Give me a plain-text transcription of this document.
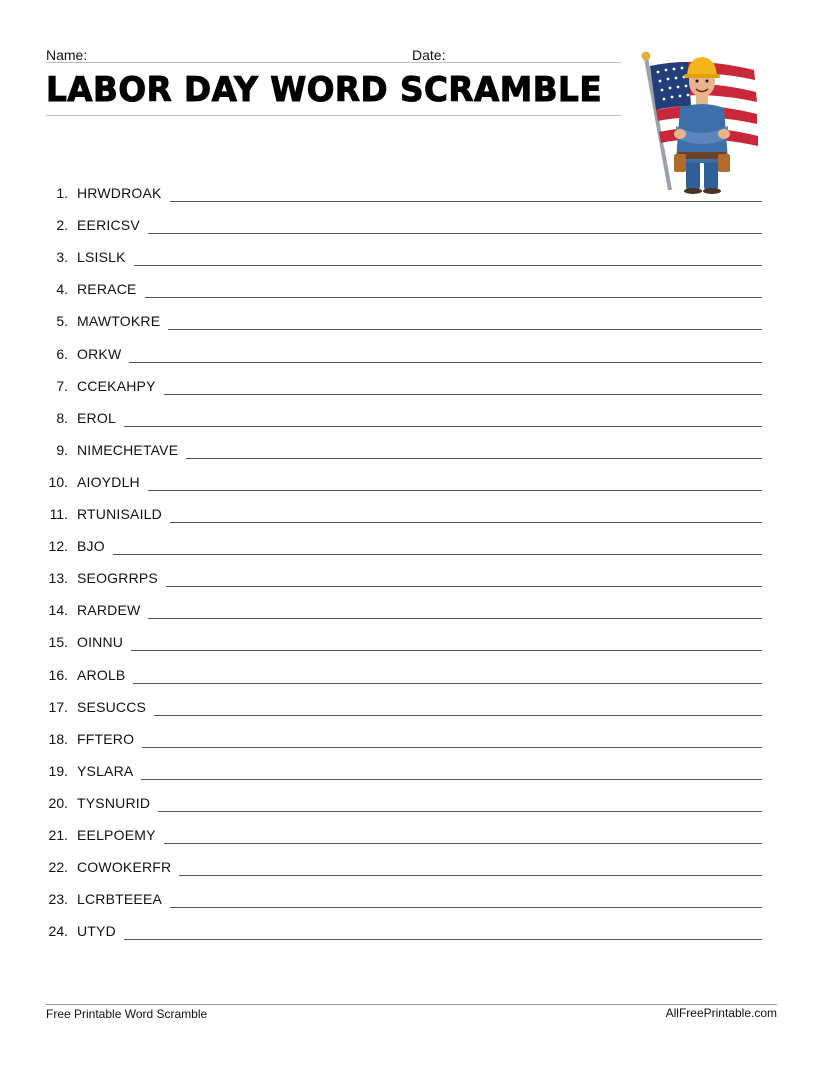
Name:	Date:
LABOR DAY WORD SCRAMBLE
1. HRWDROAK
2. EERICSV
3. LSISLK
4. RERACE
5. MAWTOKRE
6. ORKW
7. CCEKAHPY
8. EROL
9. NIMECHETAVE
10. AIOYDLH
11. RTUNISAILD
12. BJO
13. SEOGRRPS
14. RARDEW
15. OINNU
16. AROLB
17. SESUCCS
18. FFTERO
19. YSLARA
20. TYSNURID
21. EELPOEMY
22. COWOKERFR
23. LCRBTEEEA
24. UTYD
Free Printable Word Scramble	AllFreePrintable.com
